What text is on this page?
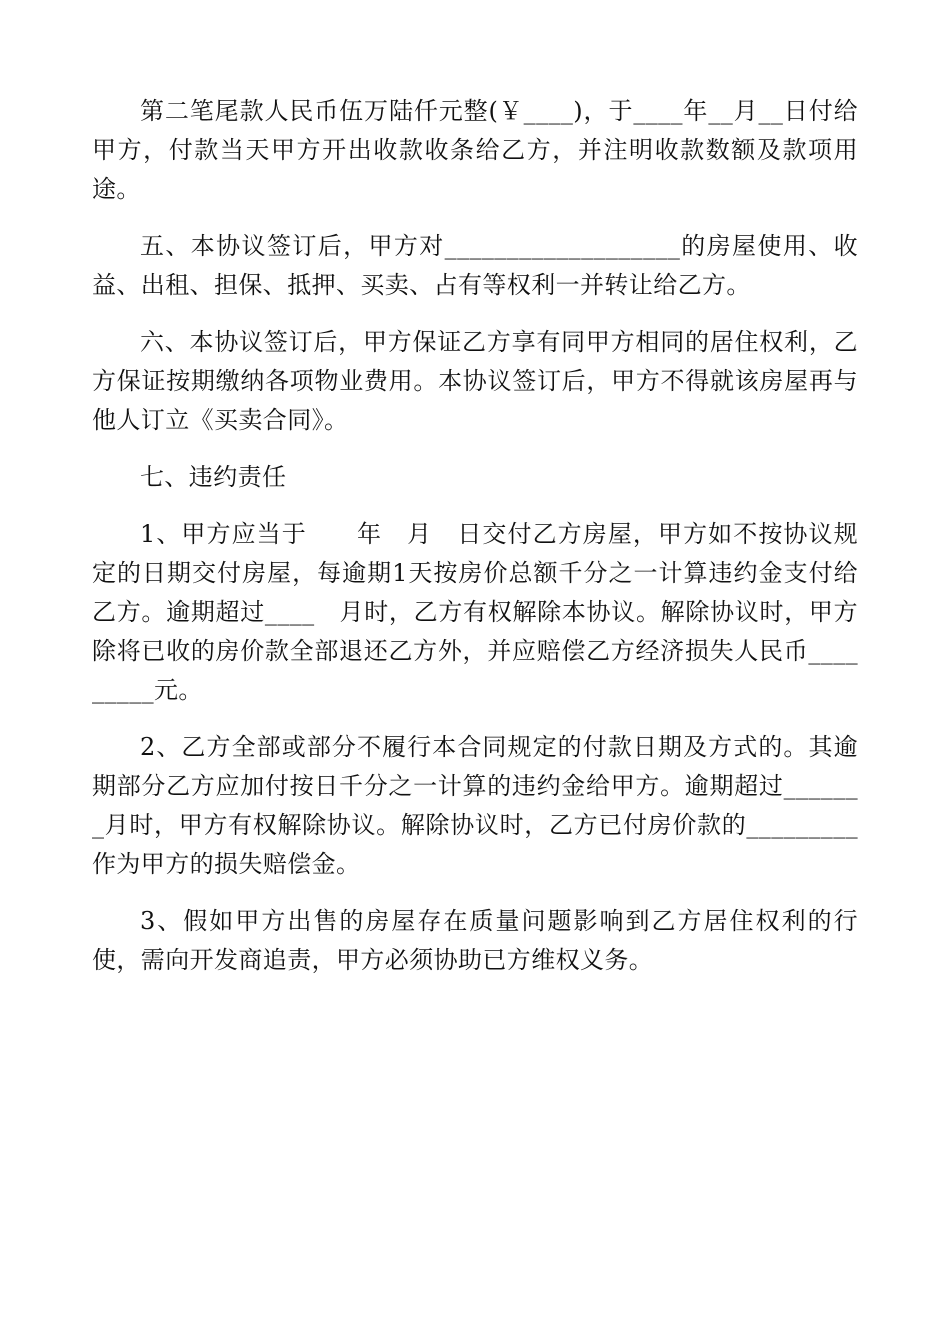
第二笔尾款人民币伍万陆仟元整(￥____)，于____年__月__日付给甲方，付款当天甲方开出收款收条给乙方，并注明收款数额及款项用途。

五、本协议签订后，甲方对___________________的房屋使用、收益、出租、担保、抵押、买卖、占有等权利一并转让给乙方。

六、本协议签订后，甲方保证乙方享有同甲方相同的居住权利，乙方保证按期缴纳各项物业费用。本协议签订后，甲方不得就该房屋再与他人订立《买卖合同》。

七、违约责任

1、甲方应当于　　年　月　日交付乙方房屋，甲方如不按协议规定的日期交付房屋，每逾期1天按房价总额千分之一计算违约金支付给乙方。逾期超过____　月时，乙方有权解除本协议。解除协议时，甲方除将已收的房价款全部退还乙方外，并应赔偿乙方经济损失人民币_________元。

2、乙方全部或部分不履行本合同规定的付款日期及方式的。其逾期部分乙方应加付按日千分之一计算的违约金给甲方。逾期超过_______月时，甲方有权解除协议。解除协议时，乙方已付房价款的_________作为甲方的损失赔偿金。

3、假如甲方出售的房屋存在质量问题影响到乙方居住权利的行使，需向开发商追责，甲方必须协助已方维权义务。
